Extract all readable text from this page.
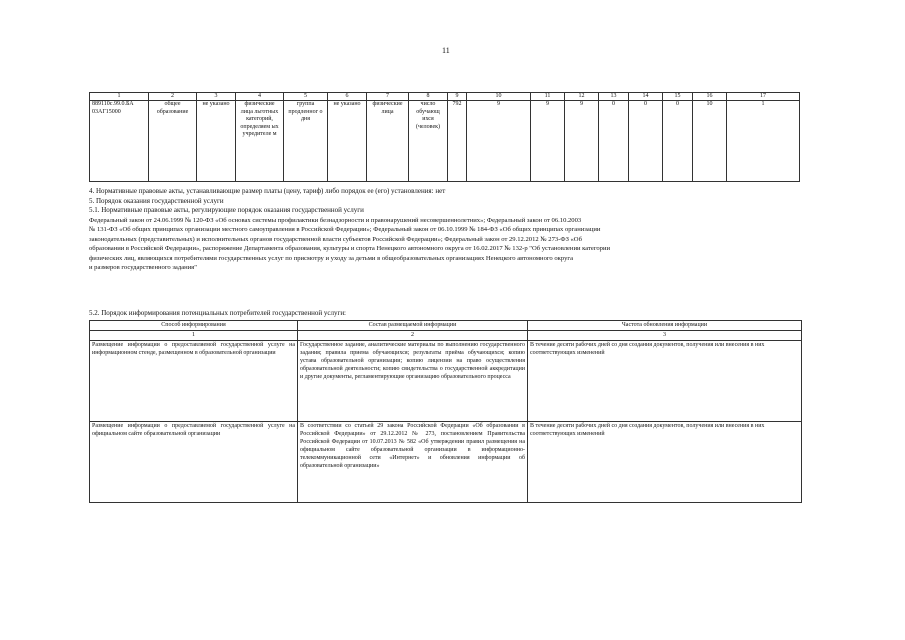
11
1	2	3	4	5	6	7	8	9	10	11	12	13	14	15	16	17
889110с.99.0.БА 03АГ15000	общее образование	не указано	физические лица льготных категорий, определяем ых учредителе м	группа продленног о дня	не указано	физические лица	число обучающ ихся (человек)	792	9	9	9	0	0	0	10	1

4. Нормативные правовые акты, устанавливающие размер платы (цену, тариф) либо порядок ее (его) установления: нет

5. Порядок оказания государственной услуги

5.1. Нормативные правовые акты, регулирующие порядок оказания государственной услуги

Федеральный закон от 24.06.1999 № 120-ФЗ «Об основах системы профилактики безнадзорности и правонарушений несовершеннолетних»; Федеральный закон от 06.10.2003

№ 131-ФЗ «Об общих принципах организации местного самоуправления в Российской Федерации»; Федеральный закон от 06.10.1999 № 184-ФЗ «Об общих принципах организации

законодательных (представительных) и исполнительных органов государственной власти субъектов Российской Федерации»; Федеральный закон от 29.12.2012 № 273-ФЗ «Об

образовании в Российской Федерации», распоряжение Департамента образования, культуры и спорта Ненецкого автономного округа от 16.02.2017 № 132-р "Об установлении категории

физических лиц, являющихся потребителями государственных услуг по присмотру и уходу за детьми в общеобразовательных организациях Ненецкого автономного округа

и размеров государственного задания"

5.2. Порядок информирования потенциальных потребителей государственной услуги:
Способ информирования	Состав размещаемой информации	Частота обновления информации
1	2	3
Размещение информации о предоставляемой государственной услуге на информационном стенде, размещенном в образовательной организации	Государственное задание, аналитические материалы по выполнению государственного задания; правила приема обучающихся; результаты приёма обучающихся; копию устава образовательной организации; копию лицензии на право осуществления образовательной деятельности; копию свидетельства о государственной аккредитации и другие документы, регламентирующие организацию образовательного процесса	В течение десяти рабочих дней со дня создания документов, получения или внесения в них соответствующих изменений
Размещение информации о предоставляемой государственной услуге на официальном сайте образовательной организации	В соответствии со статьей 29 закона Российской Федерации «Об образовании в Российской Федерации» от 29.12.2012 № 273, постановлением Правительства Российской Федерации от 10.07.2013 № 582 «Об утверждении правил размещения на официальном сайте образовательной организации в информационно-телекоммуникационной сети «Интернет» и обновления информации об образовательной организации»	В течение десяти рабочих дней со дня создания документов, получения или внесения в них соответствующих изменений
